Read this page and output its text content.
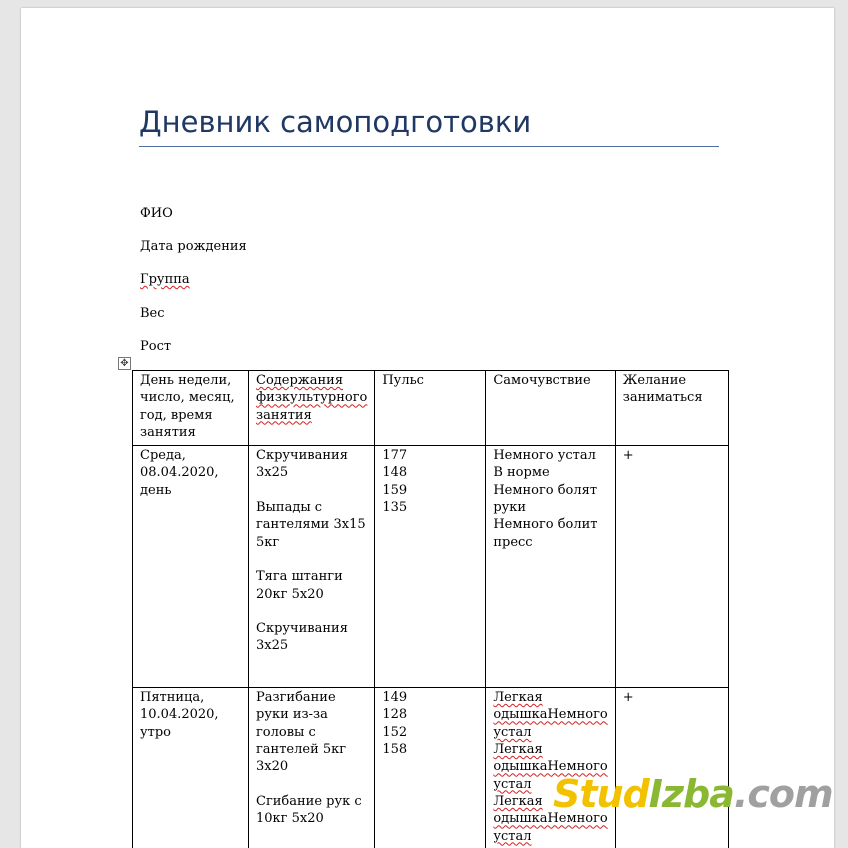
Дневник самоподготовки
ФИО
Дата рождения
Группа
Вес
Рост
✥
День недели, число, месяц, год, время занятия	Содержания физкультурного занятия	Пульс	Самочувствие	Желание заниматься

Среда,
08.04.2020,
день	Скручивания 3х25
Выпады с гантелями 3х15 5кг
Тяга штанги 20кг 5х20
Скручивания 3х25	177
148
159
135	Немного устал
В норме
Немного болят руки
Немного болит пресс	+

Пятница,
10.04.2020,
утро	Разгибание руки из-за головы с гантелей 5кг 3х20
Сгибание рук с 10кг 5х20	149
128
152
158	Легкая одышкаНемного устал
Легкая одышкаНемного устал
Легкая одышкаНемного устал	+
StudIzba.com
